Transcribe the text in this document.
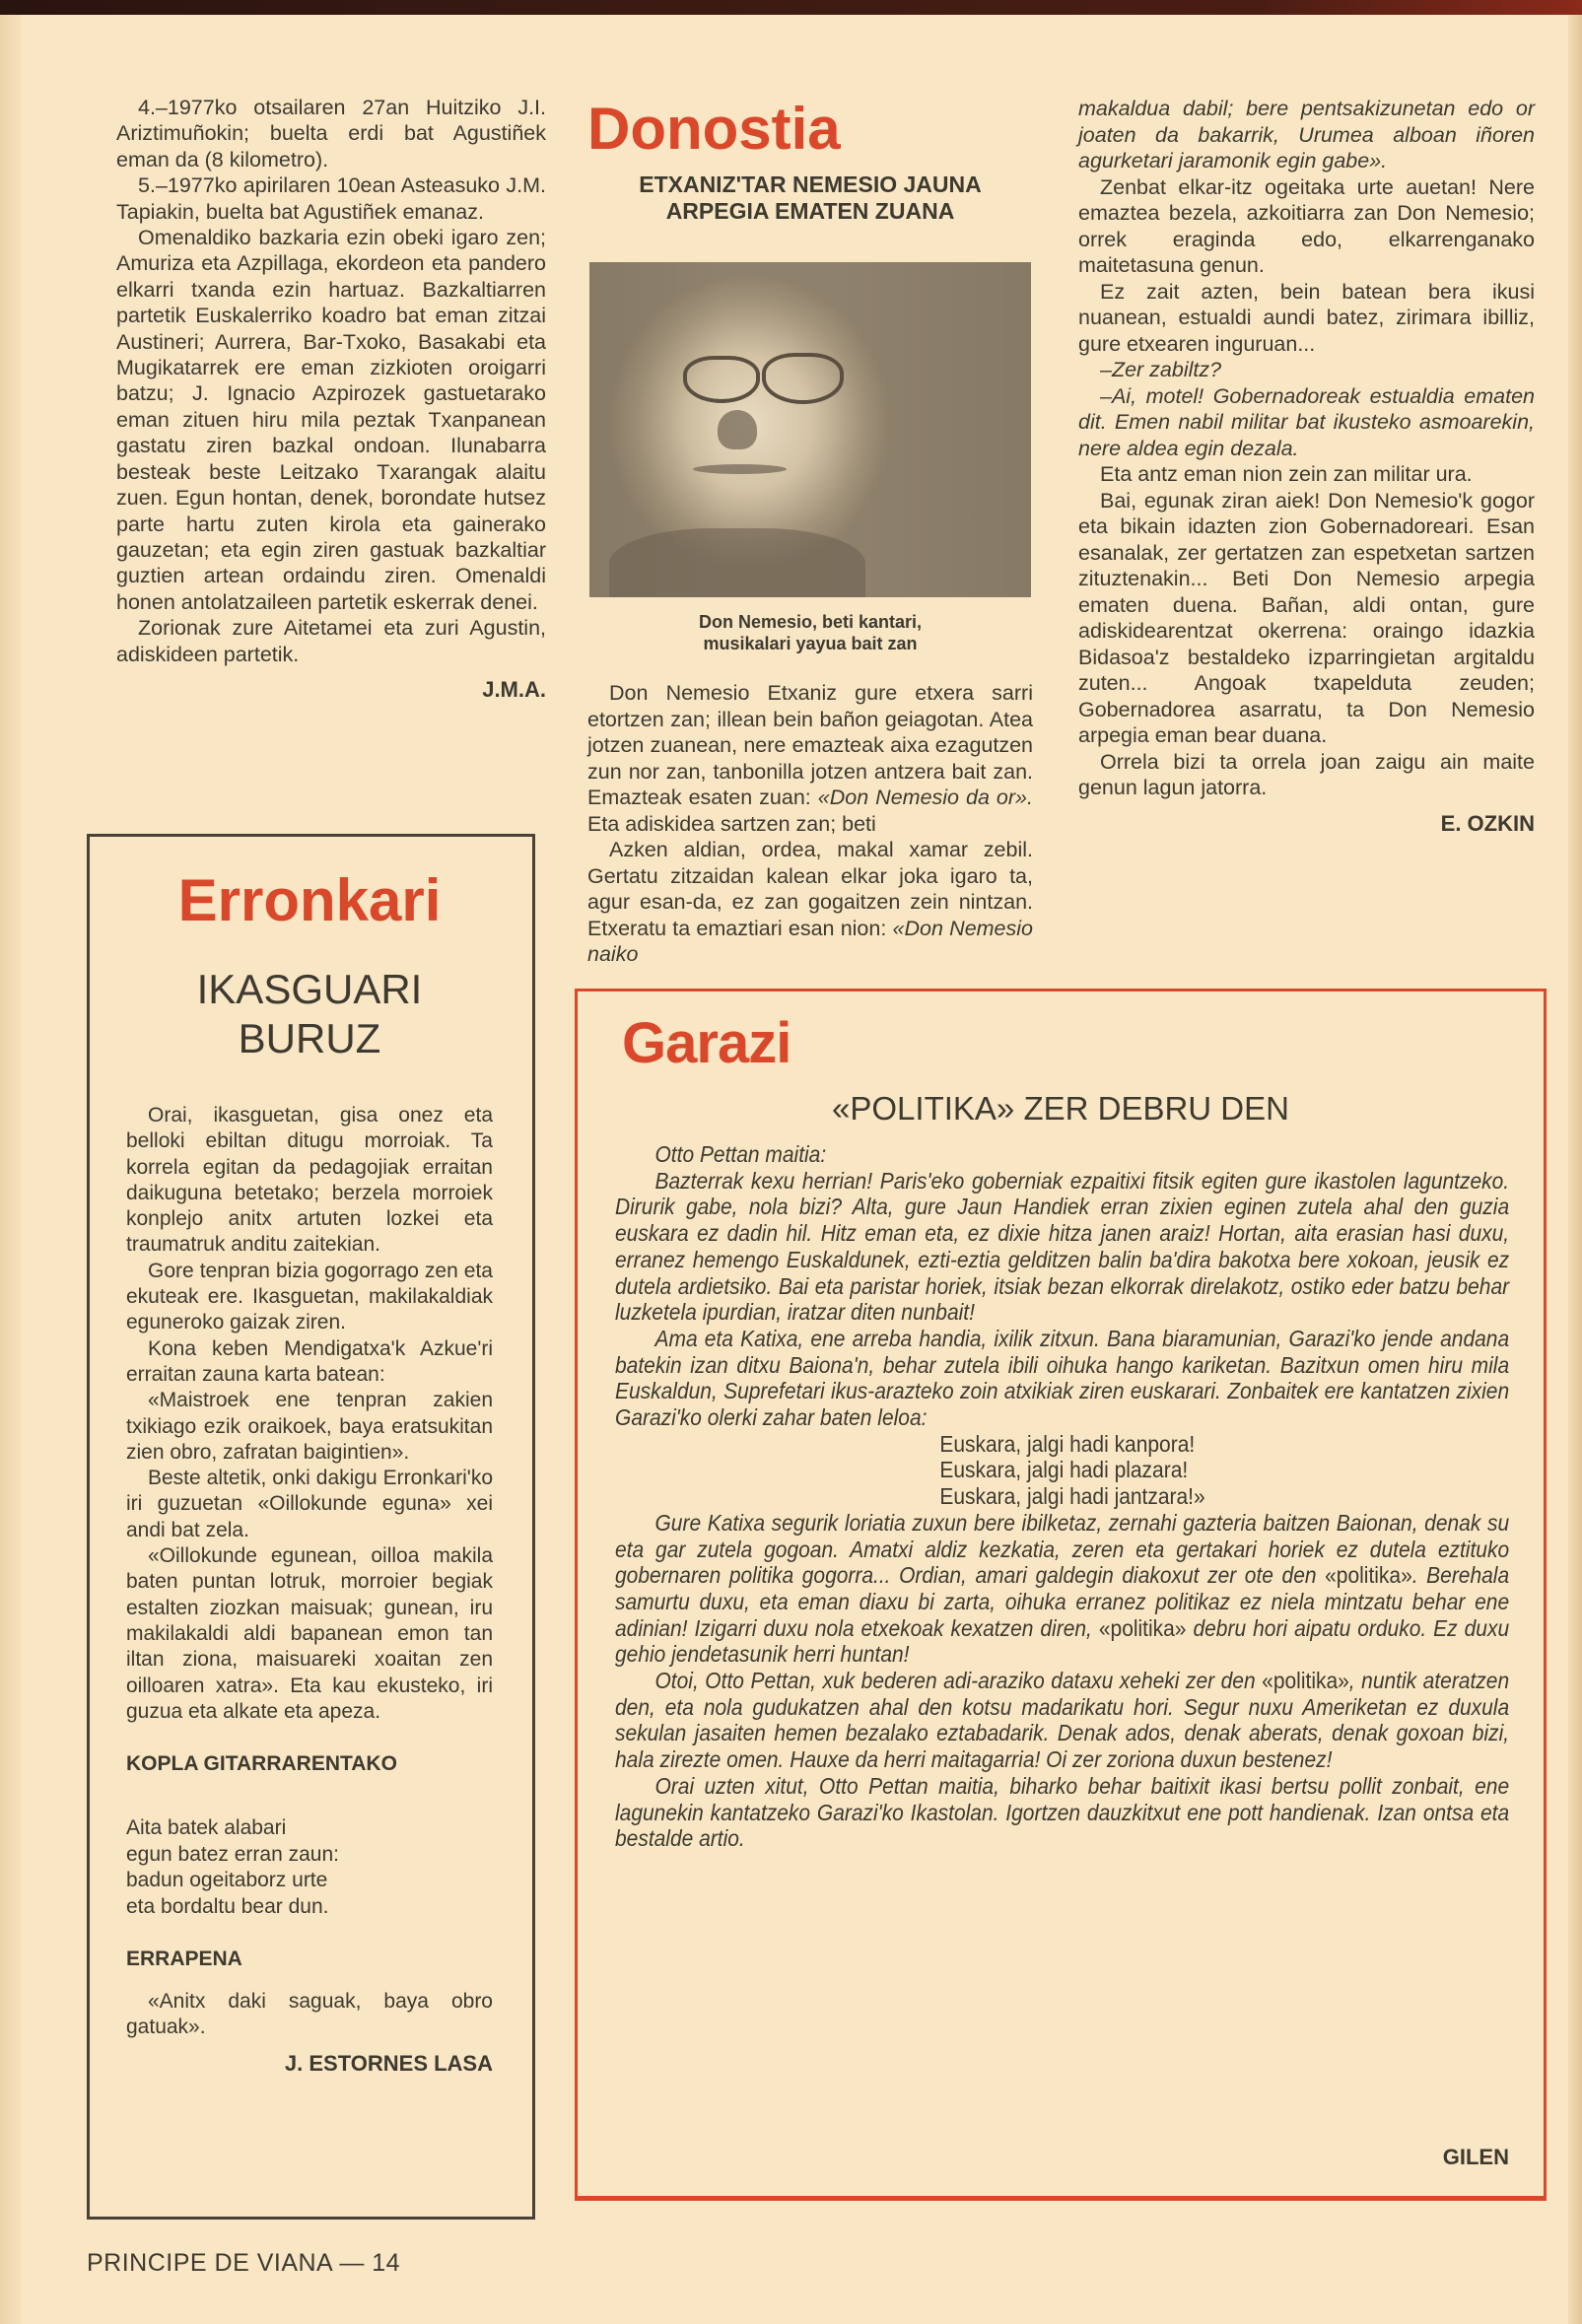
4.–1977ko otsailaren 27an Huitziko J.I. Ariztimuñokin; buelta erdi bat Agustiñek eman da (8 kilometro).

5.–1977ko apirilaren 10ean Asteasuko J.M. Tapiakin, buelta bat Agustiñek emanaz.

Omenaldiko bazkaria ezin obeki igaro zen; Amuriza eta Azpillaga, ekordeon eta pandero elkarri txanda ezin hartuaz. Bazkaltiarren partetik Euskalerriko koadro bat eman zitzai Austineri; Aurrera, Bar-Txoko, Basakabi eta Mugikatarrek ere eman zizkioten oroigarri batzu; J. Ignacio Azpirozek gastuetarako eman zituen hiru mila peztak Txanpanean gastatu ziren bazkal ondoan. Ilunabarra besteak beste Leitzako Txarangak alaitu zuen. Egun hontan, denek, borondate hutsez parte hartu zuten kirola eta gainerako gauzetan; eta egin ziren gastuak bazkaltiar guztien artean ordaindu ziren. Omenaldi honen antolatzaileen partetik eskerrak denei.

Zorionak zure Aitetamei eta zuri Agustin, adiskideen partetik.

J.M.A.
Erronkari
IKASGUARI
BURUZ

Orai, ikasguetan, gisa onez eta belloki ebiltan ditugu morroiak. Ta korrela egitan da pedagojiak erraitan daikuguna betetako; berzela morroiek konplejo anitx artuten lozkei eta traumatruk anditu zaitekian.

Gore tenpran bizia gogorrago zen eta ekuteak ere. Ikasguetan, makilakaldiak eguneroko gaizak ziren.

Kona keben Mendigatxa'k Azkue'ri erraitan zauna karta batean:

«Maistroek ene tenpran zakien txikiago ezik oraikoek, baya eratsukitan zien obro, zafratan baigintien».

Beste altetik, onki dakigu Erronkari'ko iri guzuetan «Oillokunde eguna» xei andi bat zela.

«Oillokunde egunean, oilloa makila baten puntan lotruk, morroier begiak estalten ziozkan maisuak; gunean, iru makilakaldi aldi bapanean emon tan iltan ziona, maisuareki xoaitan zen oilloaren xatra». Eta kau ekusteko, iri guzua eta alkate eta apeza.

KOPLA GITARRARENTAKO

Aita batek alabari

egun batez erran zaun:

badun ogeitaborz urte

eta bordaltu bear dun.

ERRAPENA

«Anitx daki saguak, baya obro gatuak».

J. ESTORNES LASA
Donostia
ETXANIZ'TAR NEMESIO JAUNA
ARPEGIA EMATEN ZUANA
Don Nemesio, beti kantari,
musikalari yayua bait zan

Don Nemesio Etxaniz gure etxera sarri etortzen zan; illean bein bañon geiagotan. Atea jotzen zuanean, nere emazteak aixa ezagutzen zun nor zan, tanbonilla jotzen antzera bait zan. Emazteak esaten zuan: «Don Nemesio da or». Eta adiskidea sartzen zan; beti

Azken aldian, ordea, makal xamar zebil. Gertatu zitzaidan kalean elkar joka igaro ta, agur esan-da, ez zan gogaitzen zein nintzan. Etxeratu ta emaztiari esan nion: «Don Nemesio naiko

makaldua dabil; bere pentsakizunetan edo or joaten da bakarrik, Urumea alboan iñoren agurketari jaramonik egin gabe».

Zenbat elkar-itz ogeitaka urte auetan! Nere emaztea bezela, azkoitiarra zan Don Nemesio; orrek eraginda edo, elkarrenganako maitetasuna genun.

Ez zait azten, bein batean bera ikusi nuanean, estualdi aundi batez, zirimara ibilliz, gure etxearen inguruan...

–Zer zabiltz?

–Ai, motel! Gobernadoreak estualdia ematen dit. Emen nabil militar bat ikusteko asmoarekin, nere aldea egin dezala.

Eta antz eman nion zein zan militar ura.

Bai, egunak ziran aiek! Don Nemesio'k gogor eta bikain idazten zion Gobernadoreari. Esan esanalak, zer gertatzen zan espetxetan sartzen zituztenakin... Beti Don Nemesio arpegia ematen duena. Bañan, aldi ontan, gure adiskidearentzat okerrena: oraingo idazkia Bidasoa'z bestaldeko izparringietan argitaldu zuten... Angoak txapelduta zeuden; Gobernadorea asarratu, ta Don Nemesio arpegia eman bear duana.

Orrela bizi ta orrela joan zaigu ain maite genun lagun jatorra.

E. OZKIN
Garazi
«POLITIKA» ZER DEBRU DEN

Otto Pettan maitia:

Bazterrak kexu herrian! Paris'eko goberniak ezpaitixi fitsik egiten gure ikastolen laguntzeko. Dirurik gabe, nola bizi? Alta, gure Jaun Handiek erran zixien eginen zutela ahal den guzia euskara ez dadin hil. Hitz eman eta, ez dixie hitza janen araiz! Hortan, aita erasian hasi duxu, erranez hemengo Euskaldunek, ezti-eztia gelditzen balin ba'dira bakotxa bere xokoan, jeusik ez dutela ardietsiko. Bai eta paristar horiek, itsiak bezan elkorrak direlakotz, ostiko eder batzu behar luzketela ipurdian, iratzar diten nunbait!

Ama eta Katixa, ene arreba handia, ixilik zitxun. Bana biaramunian, Garazi'ko jende andana batekin izan ditxu Baiona'n, behar zutela ibili oihuka hango kariketan. Bazitxun omen hiru mila Euskaldun, Suprefetari ikus-arazteko zoin atxikiak ziren euskarari. Zonbaitek ere kantatzen zixien Garazi'ko olerki zahar baten leloa:

Euskara, jalgi hadi kanpora!

Euskara, jalgi hadi plazara!

Euskara, jalgi hadi jantzara!»

Gure Katixa segurik loriatia zuxun bere ibilketaz, zernahi gazteria baitzen Baionan, denak su eta gar zutela gogoan. Amatxi aldiz kezkatia, zeren eta gertakari horiek ez dutela eztituko gobernaren politika gogorra... Ordian, amari galdegin diakoxut zer ote den «politika». Berehala samurtu duxu, eta eman diaxu bi zarta, oihuka erranez politikaz ez niela mintzatu behar ene adinian! Izigarri duxu nola etxekoak kexatzen diren, «politika» debru hori aipatu orduko. Ez duxu gehio jendetasunik herri huntan!

Otoi, Otto Pettan, xuk bederen adi-araziko dataxu xeheki zer den «politika», nuntik ateratzen den, eta nola gudukatzen ahal den kotsu madarikatu hori. Segur nuxu Ameriketan ez duxula sekulan jasaiten hemen bezalako eztabadarik. Denak ados, denak aberats, denak goxoan bizi, hala zirezte omen. Hauxe da herri maitagarria! Oi zer zoriona duxun bestenez!

Orai uzten xitut, Otto Pettan maitia, biharko behar baitixit ikasi bertsu pollit zonbait, ene lagunekin kantatzeko Garazi'ko Ikastolan. Igortzen dauzkitxut ene pott handienak. Izan ontsa eta bestalde artio.

GILEN
PRINCIPE DE VIANA — 14
